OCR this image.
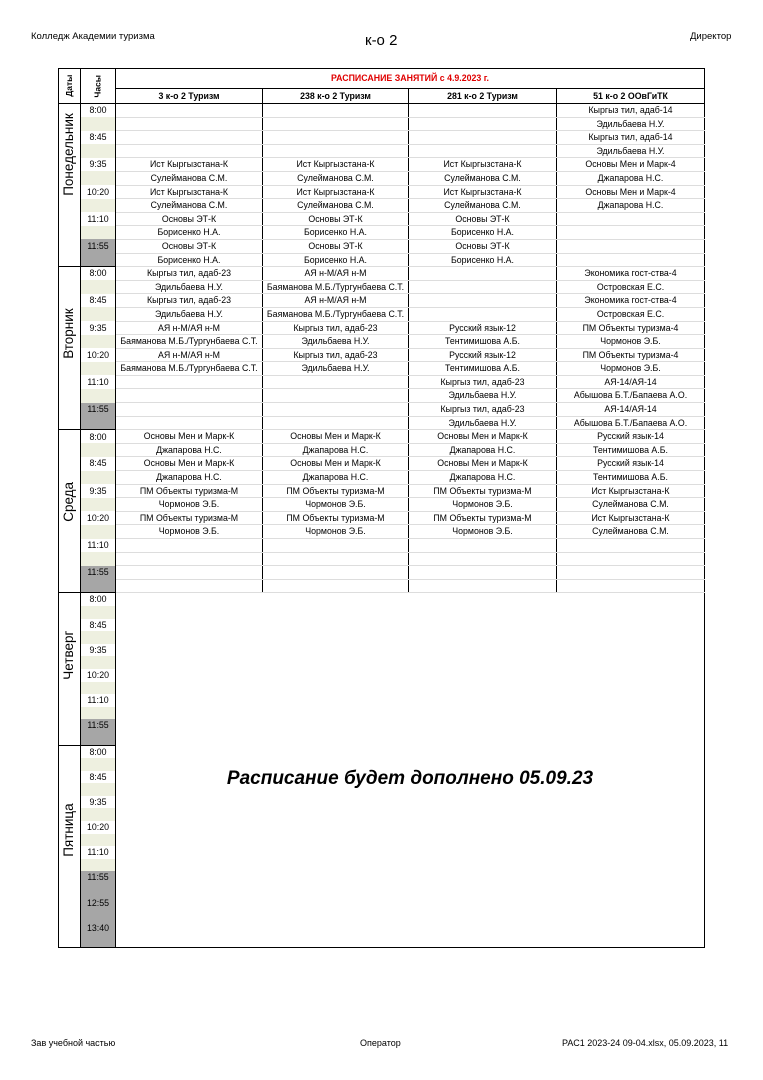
Колледж Академии туризма	к-о 2	Директор
Даты	Часы	РАСПИСАНИЕ ЗАНЯТИЙ с 4.9.2023 г.			
		3 к-о 2 Туризм	238 к-о 2 Туризм	281 к-о 2 Туризм	51 к-о 2 ООвГиТК

Понедельник	8:00				Кыргыз тил, адаб-14
					Эдильбаева Н.У.
	8:45				Кыргыз тил, адаб-14
					Эдильбаева Н.У.
	9:35	Ист Кыргызстана-К	Ист Кыргызстана-К	Ист Кыргызстана-К	Основы Мен и Марк-4
		Сулейманова С.М.	Сулейманова С.М.	Сулейманова С.М.	Джапарова Н.С.
	10:20	Ист Кыргызстана-К	Ист Кыргызстана-К	Ист Кыргызстана-К	Основы Мен и Марк-4
		Сулейманова С.М.	Сулейманова С.М.	Сулейманова С.М.	Джапарова Н.С.
	11:10	Основы ЭТ-К	Основы ЭТ-К	Основы ЭТ-К	
		Борисенко Н.А.	Борисенко Н.А.	Борисенко Н.А.	
	11:55	Основы ЭТ-К	Основы ЭТ-К	Основы ЭТ-К	
		Борисенко Н.А.	Борисенко Н.А.	Борисенко Н.А.	

Вторник	8:00	Кыргыз тил, адаб-23	АЯ н-М/АЯ н-М		Экономика гост-ства-4
		Эдильбаева Н.У.	Баяманова М.Б./Тургунбаева С.Т.		Островская Е.С.
	8:45	Кыргыз тил, адаб-23	АЯ н-М/АЯ н-М		Экономика гост-ства-4
		Эдильбаева Н.У.	Баяманова М.Б./Тургунбаева С.Т.		Островская Е.С.
	9:35	АЯ н-М/АЯ н-М	Кыргыз тил, адаб-23	Русский язык-12	ПМ Объекты туризма-4
		Баяманова М.Б./Тургунбаева С.Т.	Эдильбаева Н.У.	Тентимишова А.Б.	Чормонов Э.Б.
	10:20	АЯ н-М/АЯ н-М	Кыргыз тил, адаб-23	Русский язык-12	ПМ Объекты туризма-4
		Баяманова М.Б./Тургунбаева С.Т.	Эдильбаева Н.У.	Тентимишова А.Б.	Чормонов Э.Б.
	11:10			Кыргыз тил, адаб-23	АЯ-14/АЯ-14
				Эдильбаева Н.У.	Абышова Б.Т./Бапаева А.О.
	11:55			Кыргыз тил, адаб-23	АЯ-14/АЯ-14
				Эдильбаева Н.У.	Абышова Б.Т./Бапаева А.О.

Среда	8:00	Основы Мен и Марк-К	Основы Мен и Марк-К	Основы Мен и Марк-К	Русский язык-14
		Джапарова Н.С.	Джапарова Н.С.	Джапарова Н.С.	Тентимишова А.Б.
	8:45	Основы Мен и Марк-К	Основы Мен и Марк-К	Основы Мен и Марк-К	Русский язык-14
		Джапарова Н.С.	Джапарова Н.С.	Джапарова Н.С.	Тентимишова А.Б.
	9:35	ПМ Объекты туризма-М	ПМ Объекты туризма-М	ПМ Объекты туризма-М	Ист Кыргызстана-К
		Чормонов Э.Б.	Чормонов Э.Б.	Чормонов Э.Б.	Сулейманова С.М.
	10:20	ПМ Объекты туризма-М	ПМ Объекты туризма-М	ПМ Объекты туризма-М	Ист Кыргызстана-К
		Чормонов Э.Б.	Чормонов Э.Б.	Чормонов Э.Б.	Сулейманова С.М.
	11:10				

	11:55				

Четверг	8:00				

	8:45				

	9:35				

	10:20				

	11:10				

	11:55				

Пятница	8:00				

	8:45				

	9:35				

	10:20				

	11:10				

	11:55				

	12:55				

	13:40				

Расписание будет дополнено 05.09.23
Зав учебной частью	Оператор	РАС1 2023-24 09-04.xlsx, 05.09.2023, 11
